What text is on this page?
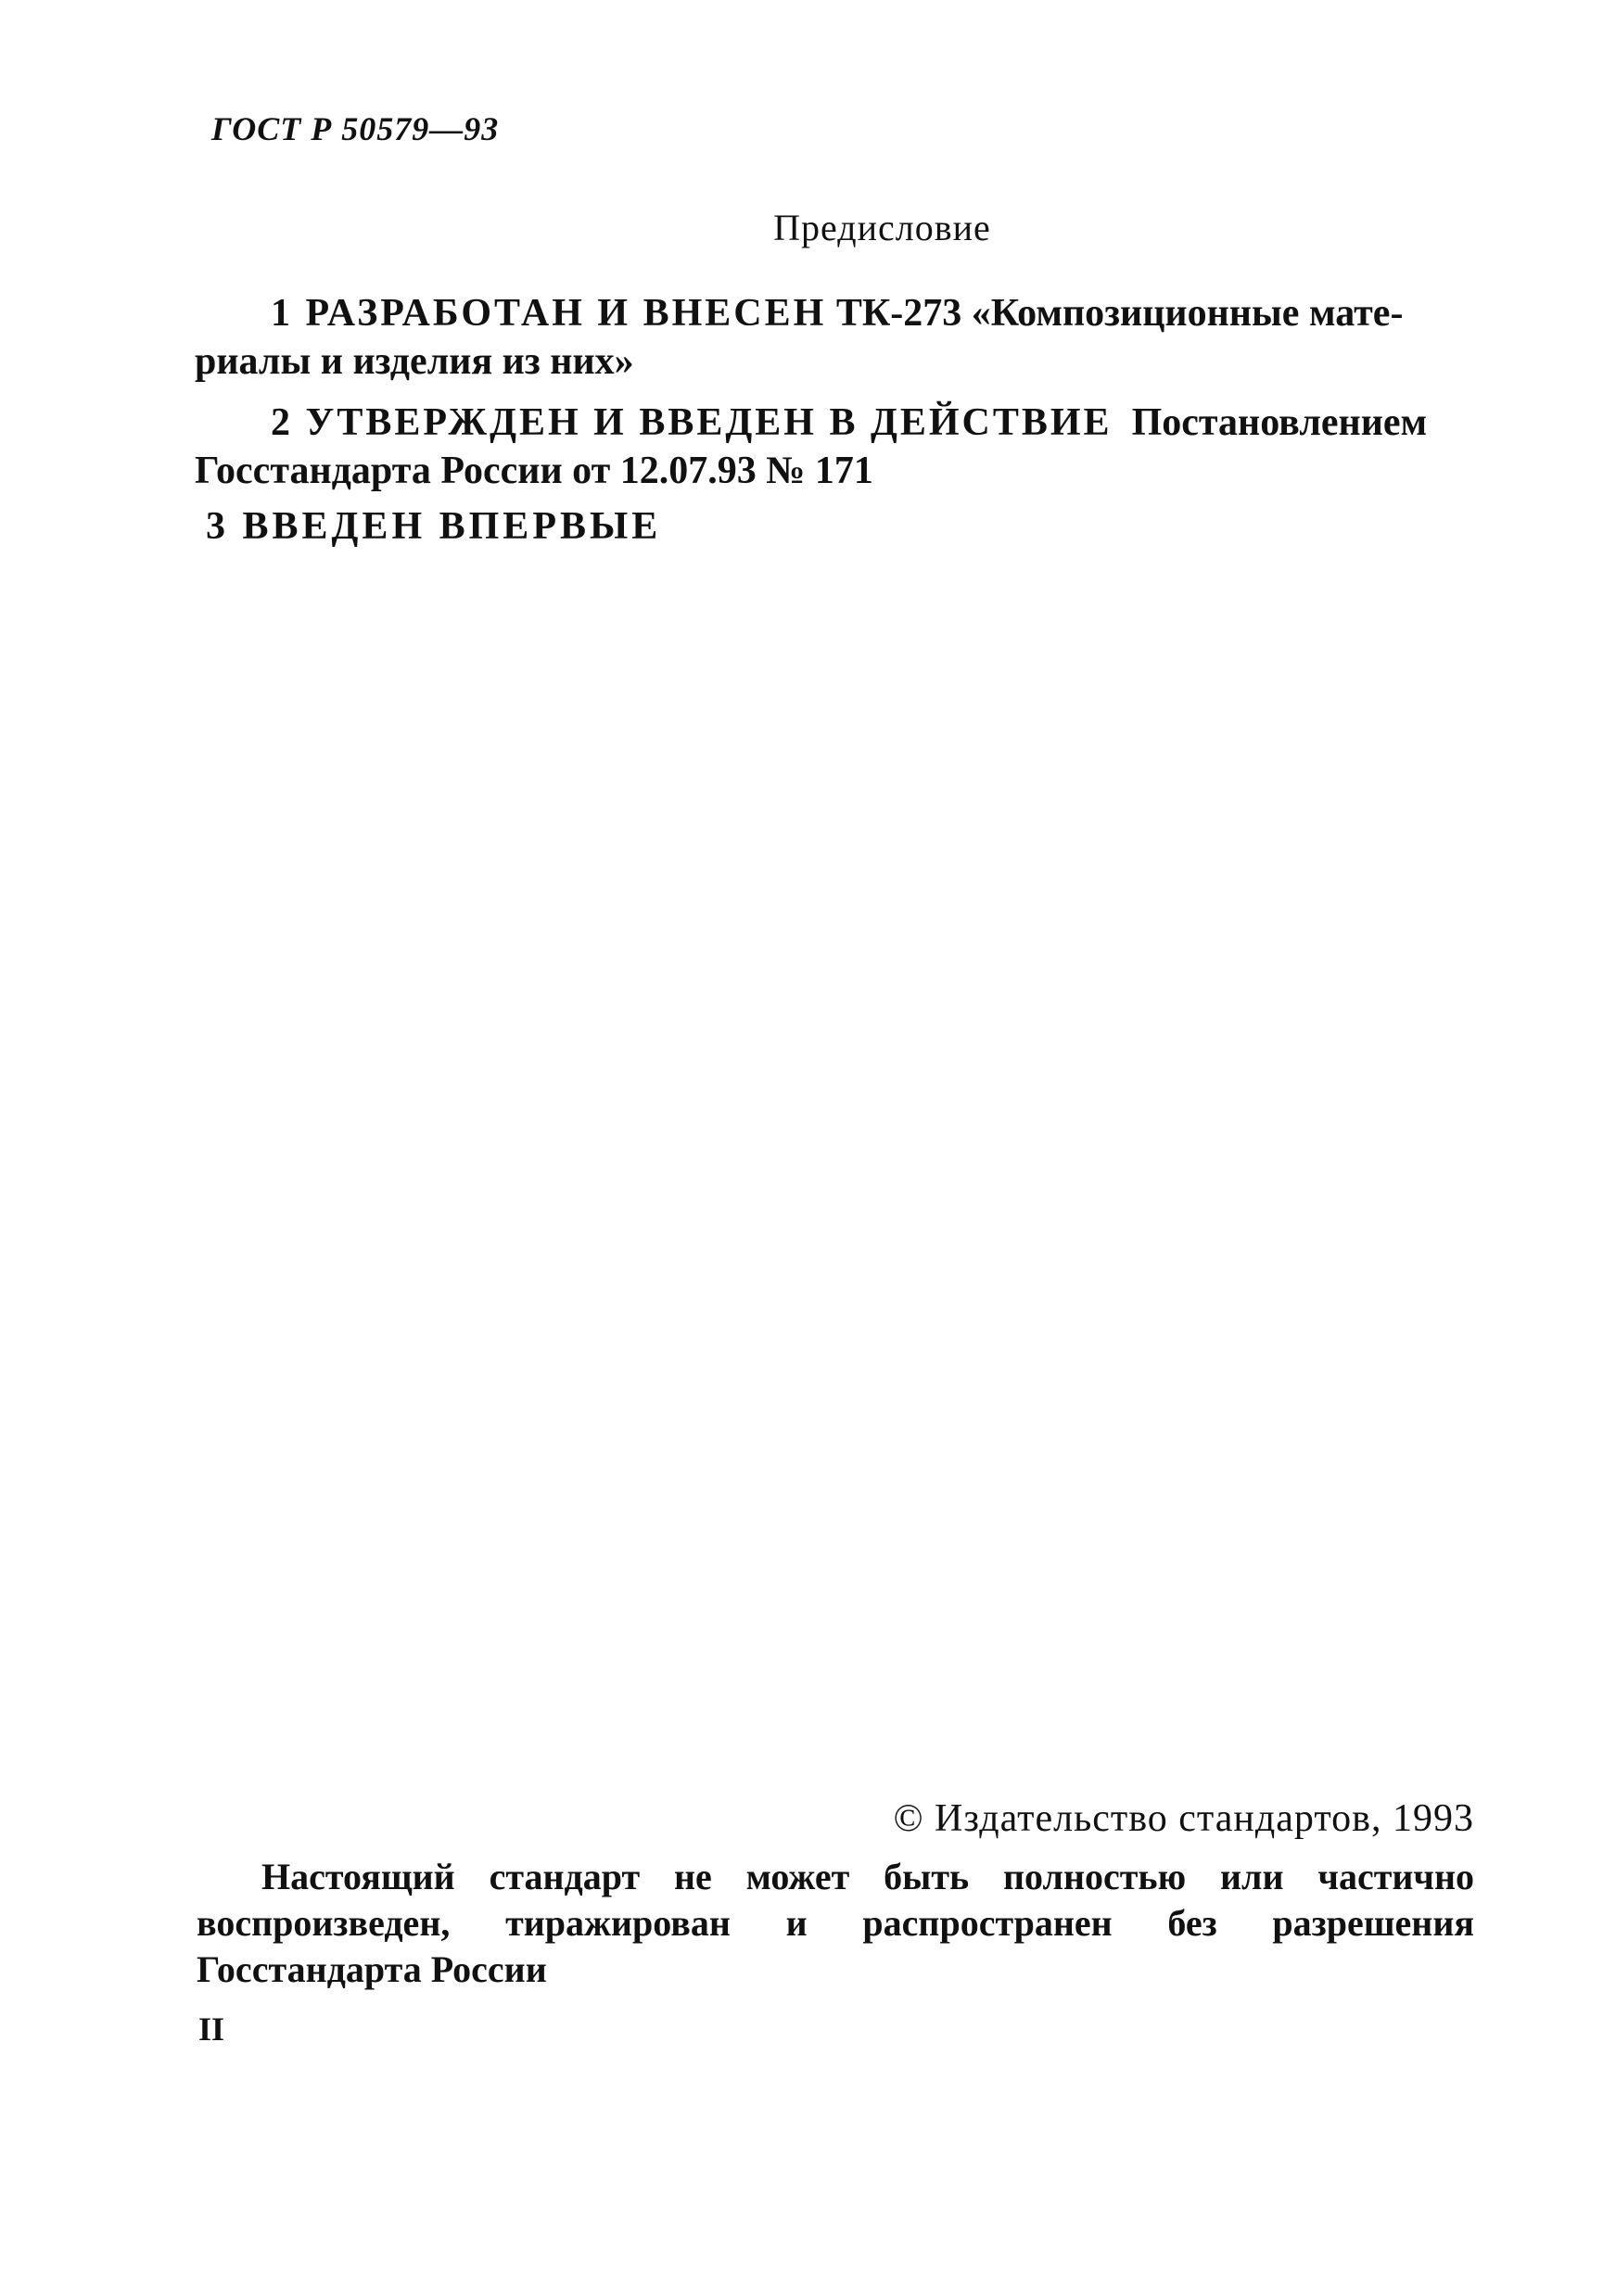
ГОСТ Р 50579—93
Предисловие
1 РАЗРАБОТАН И ВНЕСЕН ТК-273 «Композиционные мате-
риалы и изделия из них»
2 УТВЕРЖДЕН И ВВЕДЕН В ДЕЙСТВИЕ Постановлением
Госстандарта России от 12.07.93 № 171
3 ВВЕДЕН ВПЕРВЫЕ
© Издательство стандартов, 1993
Настоящий стандарт не может быть полностью или частично
воспроизведен, тиражирован и распространен без разрешения
Госстандарта России
II
